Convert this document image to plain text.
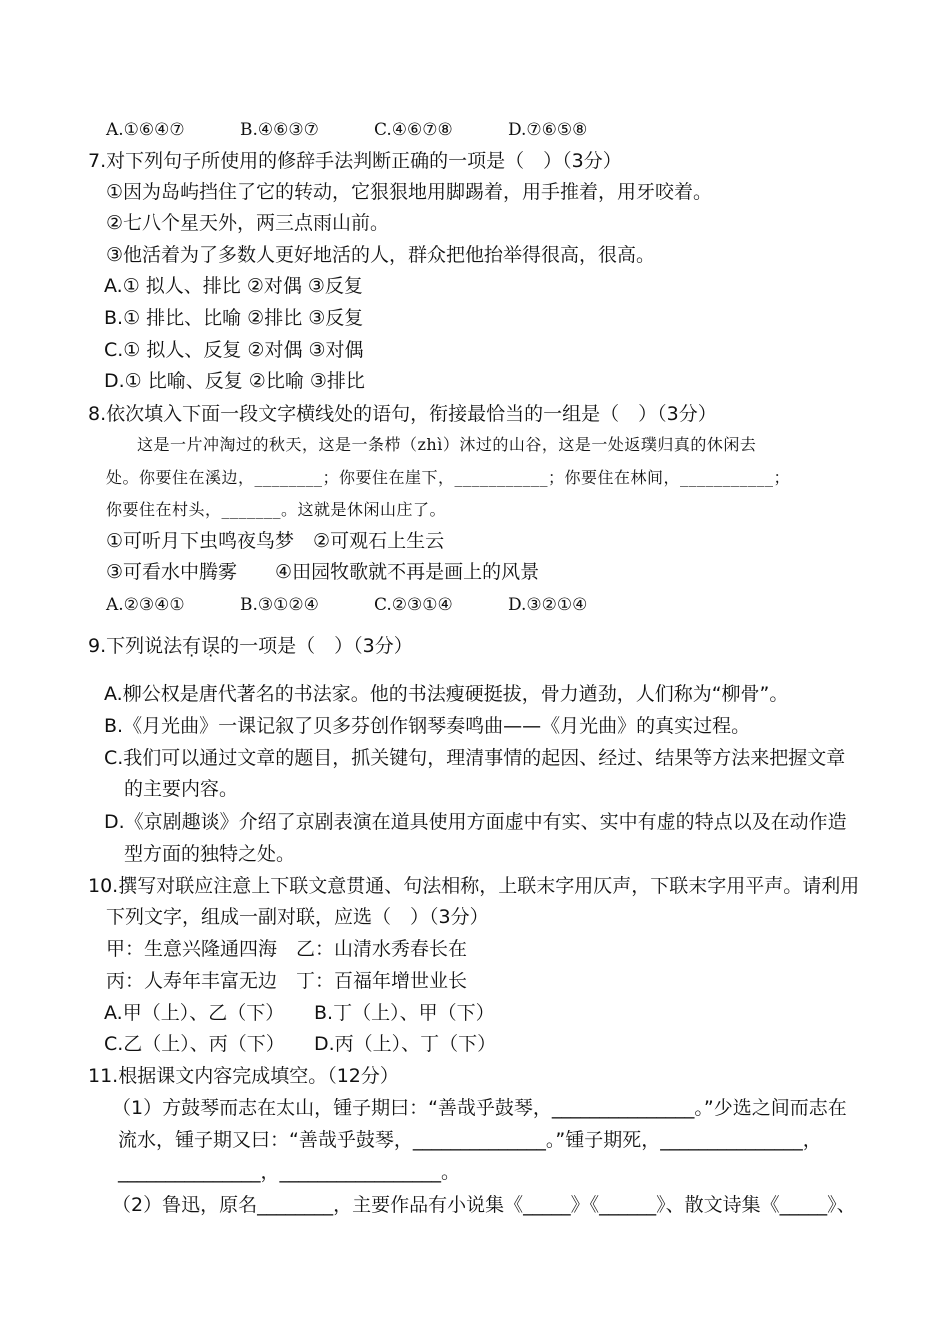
A.①⑥④⑦	B.④⑥③⑦	C.④⑥⑦⑧	D.⑦⑥⑤⑧
7.对下列句子所使用的修辞手法判断正确的一项是（　）（3分）
①因为岛屿挡住了它的转动，它狠狠地用脚踢着，用手推着，用牙咬着。
②七八个星天外，两三点雨山前。
③他活着为了多数人更好地活的人，群众把他抬举得很高，很高。
A.① 拟人、排比 ②对偶 ③反复
B.① 排比、比喻 ②排比 ③反复
C.① 拟人、反复 ②对偶 ③对偶
D.① 比喻、反复 ②比喻 ③排比
8.依次填入下面一段文字横线处的语句，衔接最恰当的一组是（　）（3分）
这是一片冲淘过的秋天，这是一条栉（zhì）沐过的山谷，这是一处返璞归真的休闲去
处。你要住在溪边，________；你要住在崖下，___________；你要住在林间，___________；
你要住在村头，_______。这就是休闲山庄了。
①可听月下虫鸣夜鸟梦　②可观石上生云
③可看水中腾雾　　④田园牧歌就不再是画上的风景
A.②③④①	B.③①②④	C.②③①④	D.③②①④
9.下列说法有误的一项是（　）（3分）
A.柳公权是唐代著名的书法家。他的书法瘦硬挺拔，骨力遒劲，人们称为“柳骨”。
B.《月光曲》一课记叙了贝多芬创作钢琴奏鸣曲——《月光曲》的真实过程。
C.我们可以通过文章的题目，抓关键句，理清事情的起因、经过、结果等方法来把握文章
的主要内容。
D.《京剧趣谈》介绍了京剧表演在道具使用方面虚中有实、实中有虚的特点以及在动作造
型方面的独特之处。
10.撰写对联应注意上下联文意贯通、句法相称，上联末字用仄声，下联末字用平声。请利用
下列文字，组成一副对联，应选（　）（3分）
甲：生意兴隆通四海　乙：山清水秀春长在
丙：人寿年丰富无边　丁：百福年增世业长
A.甲（上）、乙（下） B.丁（上）、甲（下）
C.乙（上）、丙（下） D.丙（上）、丁（下）
11.根据课文内容完成填空。（12分）
（1）方鼓琴而志在太山，锺子期曰：“善哉乎鼓琴，_______________。”少选之间而志在
流水，锺子期又曰：“善哉乎鼓琴，______________。”锺子期死，_______________，
_______________，_________________。
（2）鲁迅，原名________，主要作品有小说集《_____》《______》、散文诗集《_____》、
